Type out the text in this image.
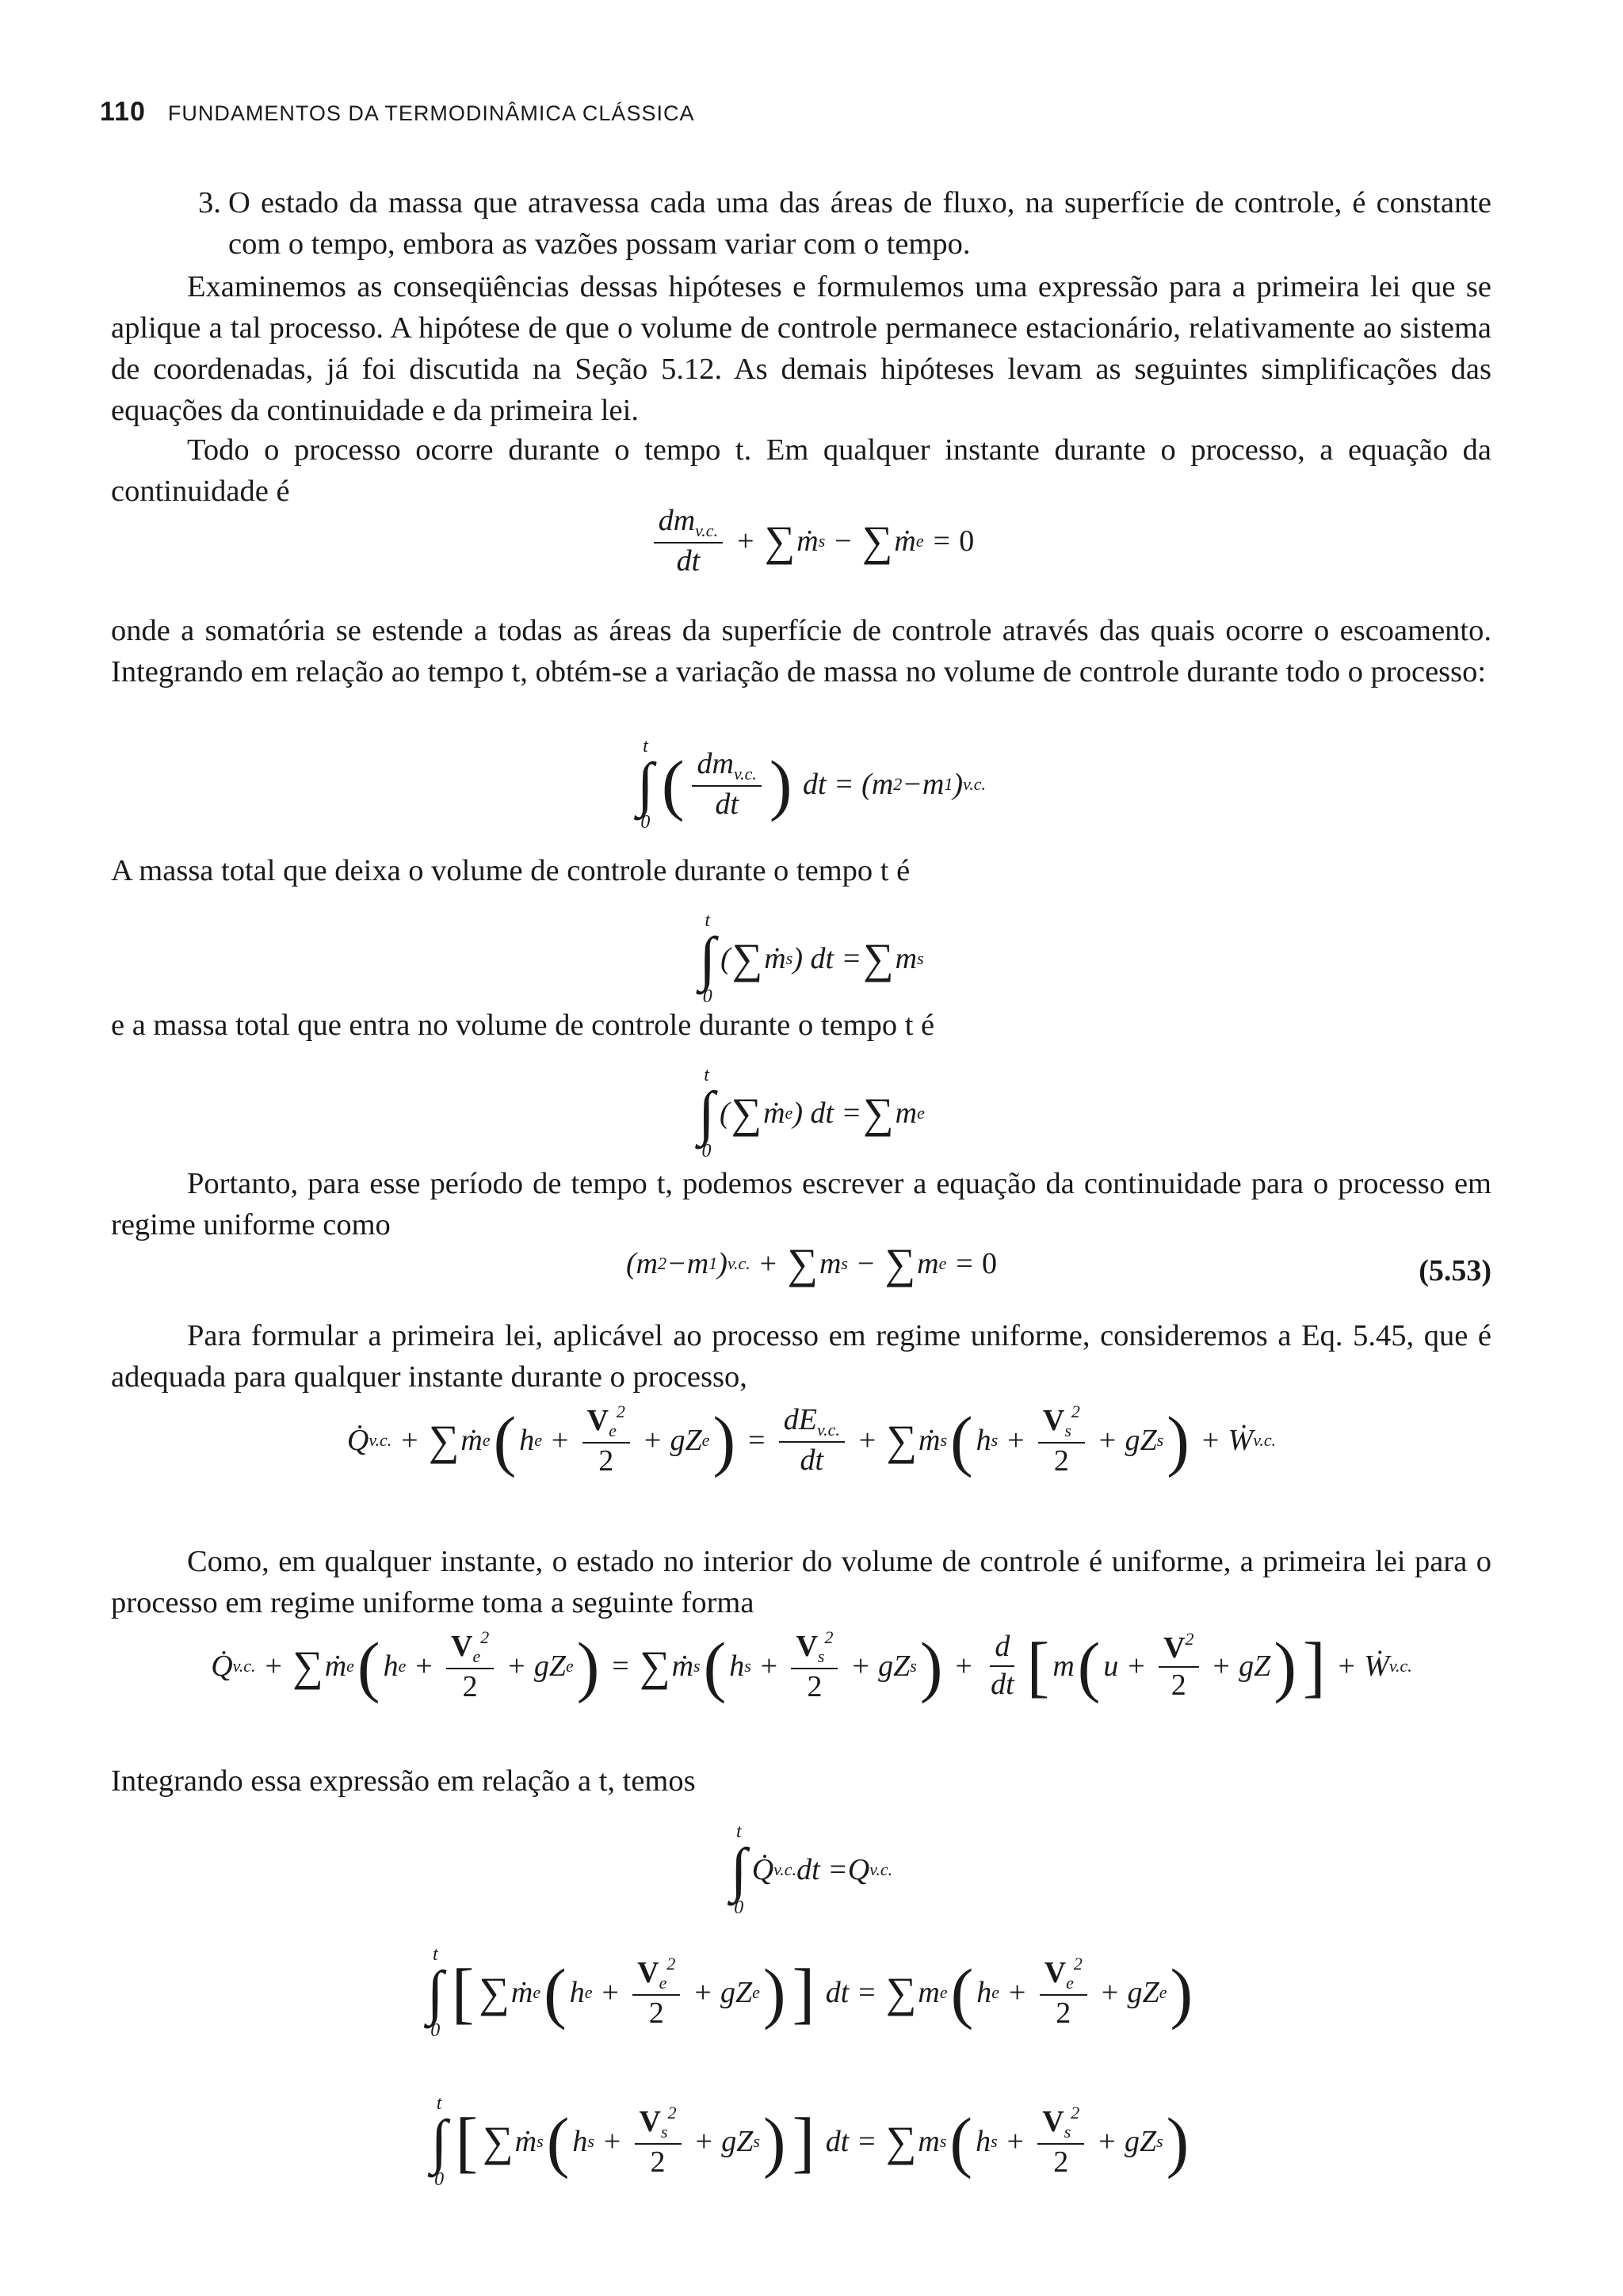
110 FUNDAMENTOS DA TERMODINÂMICA CLÁSSICA
3. O estado da massa que atravessa cada uma das áreas de fluxo, na superfície de controle, é constante com o tempo, embora as vazões possam variar com o tempo.
Examinemos as conseqüências dessas hipóteses e formulemos uma expressão para a primeira lei que se aplique a tal processo. A hipótese de que o volume de controle permanece estacionário, relativamente ao sistema de coordenadas, já foi discutida na Seção 5.12. As demais hipóteses levam as seguintes simplificações das equações da continuidade e da primeira lei.
Todo o processo ocorre durante o tempo t. Em qualquer instante durante o processo, a equação da continuidade é
$\frac{dm_{v.c.}}{dt}$ + ∑ ṁ s − ∑ ṁ e = 0
onde a somatória se estende a todas as áreas da superfície de controle através das quais ocorre o escoamento. Integrando em relação ao tempo t, obtém-se a variação de massa no volume de controle durante todo o processo:
t
∫
0
( $\frac{dm_{v.c.}}{dt}$ ) dt = ( m 2 − m 1 ) v.c.
A massa total que deixa o volume de controle durante o tempo t é
t
∫
0
( ∑ ṁ s ) dt = ∑ m s
e a massa total que entra no volume de controle durante o tempo t é
t
∫
0
( ∑ ṁ e ) dt = ∑ m e
Portanto, para esse período de tempo t, podemos escrever a equação da continuidade para o processo em regime uniforme como
( m 2 − m 1 ) v.c. + ∑ m s − ∑ m e = 0	(5.53)
Para formular a primeira lei, aplicável ao processo em regime uniforme, consideremos a Eq. 5.45, que é adequada para qualquer instante durante o processo,
Q̇ v.c. + ∑ ṁ e ( h $e + \frac{V_e^2}{2} + g$ Z e ) = $\frac{dE_{v.c.}}{dt}$ + ∑ ṁ s ( h $s + \frac{V_s^2}{2} + g$ Z s ) + Ẇ v.c.
Como, em qualquer instante, o estado no interior do volume de controle é uniforme, a primeira lei para o processo em regime uniforme toma a seguinte forma
Q̇ v.c. + ∑ ṁ e ( h $e + \frac{V_e^2}{2} + g$ Z e ) = ∑ ṁ s ( h $s + \frac{V_s^2}{2} + g$ Z s ) + $\frac{d}{dt}$ [ m ( $u + \frac{V^2}{2} + g$ Z ) ] + Ẇ v.c.
Integrando essa expressão em relação a t, temos
t
∫
0
Q̇ v.c. dt = Q v.c.
t
∫
0
[ ∑ ṁ e ( h $e + \frac{V_e^2}{2} + g$ Z e ) ] dt = ∑ m e ( h $e + \frac{V_e^2}{2} + g$ Z e )
t
∫
0
[ ∑ ṁ s ( h $s + \frac{V_s^2}{2} + g$ Z s ) ] dt = ∑ m s ( h $s + \frac{V_s^2}{2} + g$ Z s )
